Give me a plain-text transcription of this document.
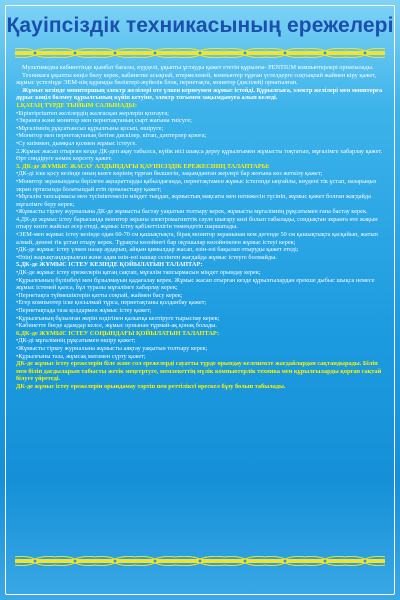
Қауіпсіздік техникасының ережелері

Мультимедиа кабинетінде қымбат бағалы, күрделі, ұқыпты ұстауды қажет ететін құрылғы- PENTIUM компьютерлері орнатылады.

Техникаға ұқыпты көңіл бөлу керек, кабинетке асықпай, итермелемей, компьютер тұрған үстелдерге соқтықпай жаймен кіру қажет, жұмыс үстеліңде ЭЕМ-нің құрамды бөліктері-жүйелік блок, пернетақта, монитор (дисплей) орнатылған.

Жұмыс кезінде мониторшың электр желілері өте үлкен кернеумен жұмыс істейді. Құрылғыға, электр желілері мен мониторға дұрыс көңіл бөлмеу құрылғының күйіп кетуіне, электр тогымен зақымдануға алып келеді.

1.ҚАТАҢ ТҮРДЕ ТЫЙЫМ САЛЫНАДЫ:

•Біріктіргіштеп желілердің жалғасқан жерлерін қозғауға;

•Экранға және монитор мен пернетақтаның сырт жағына тиісуге;

•Мұғалімнің рұқсатынсыз құрылғыны қосып, өшіруге;

•Монитор мен пернетақтаның бетіне дискілер, кітап, дәптерлер қоюға;

•Су киіммен, дымқыл қолмен жұмыс істеуге.

2.Жұмыс жасап отырған кезде ДК-деп ақау табылса, күйік иісі шықса дереу құрылғымен жұмысты тоқтатып, мұғалімге хабарлау қажет. Өрт сөндіруге көмек көрсету қажет.

3. ДК-де ЖҰМЫС ЖАСАУ АЛДЫНДАҒЫ ҚАУІПСІЗДІК ЕРЕЖЕСІНІҢ ТАЛАПТАРЫ:

•ДК-ді іске қосу кезінде оның көзге көрінің тұрған бөлшегін, зақымданған жерлері бар жоғына көз жеткізу қажет;

•Монитор экранындағы берілген ақпараттарды қабылдағанда, пернетақтамен жұмыс істегенде ыңғайлы, көудені тік ұстап, назарыңыз экран ортасында болатындай етіп орналастыру қажет;

•Мұғалім тапсырмасы мен түсініктемесін міңдет тыңдап, жұмыстың мақсаты мен нәтижесін түсініп, жұмыс қажет болған жағдайда мұғалімге беру керек;

•Жұмысты тірлеу журналына ДК-де жұмысты бастау уақытын толтыру керек, жұмысты мұғалімнің рұқсатымен ғана бастау керек.

4.ДК-де жұмыс істеу барысында монитор экраны электромагниттік сәуле шығару көзі болып табылады, сондықтан экранға өте жақын отыру көзге жайсыз әсер етеді, жұмыс істеу қабілеттілігін төмендетіп шаршатады.

•ЭЕМ-мен жұмыс істеу кезінде одан 60-70 см қашықтықта, бірақ монитор экранынан кем дегенде 50 см қашықтықта қасқайып, жатып алмай, денені тік ұстап отыру керек. Тұрақты көзойнегі бар оқушылар көзойнекпен жұмыс істеуі керек;

•ДК-де жұмыс істеу үлкен назар аударып, айқын қимылдар жасап, өзін-өзі бақылап отыруды қажет етеді;

•Өзіңі жарықтандырылған және адам өзін-өзі нашар сезінген жағдайда жұмыс істеуге болмайды.

5.ДК-де ЖҰМЫС ІСТЕУ КЕЗІНДЕ ҚОЙЫЛАТЫН ТАЛАПТАР:

•ДК-де жұмыс істеу ережелерін қатаң сақтап, мұғалім тапсырмасын міңдет орындау керек;

•Құрылғының бүлінбеуі мен бұзылмауын қадағалау керек. Жұмыс жасап отырған кезде құрылғылардан ерекше дыбыс шықса немесе жұмыс істемей қалса, бұл туралы мұғалімге хабарлау керек;

•Пернетақта түймешіктерін қатты соқпай, жаймен басу керек;

•Егер компьютер іске қосылмай тұрса, пернетақтаны қолданбау қажет;

•Пернетақтада таза қолдармен жұмыс істеу қажет;

•Құрылғының бұзылған жерін өздігінен қалыпқа келтіруге тырыспау керек;

•Кабинетте бөгде адамдар келсе, жұмыс орнынан тұрмай-ақ қонақ болады.

6.ДК-де ЖҰМЫС ІСТЕУ СОҢЫНДАҒЫ ҚОЙЫЛАТЫН ТАЛАПТАР:

•ДК-ді мұғалімнің рұқсатымен өшіру қажет;

•Жұмысты тіркеу журналына жұмысты аяқтау уақытын толтыру керек;

•Құрылғыны таза, жұмсақ матамен сүрту қажет;

ДК-де жұмыс істеу ережелерін біле және сол ережелерді сауатты түрде орындау келешекте жағдайлардан сақтандырады. Біліп мен біліп дағдыларын табысты жетік меңгертуге, мемлекеттің мүлік компьютерлік техника мен құрылғыларды қорғап сақтай білуге үйретеді.

ДК-де жұмыс істеу ережелерін орындамау тәртіп пен реттілікті өрескел бұзу болып табылады.
